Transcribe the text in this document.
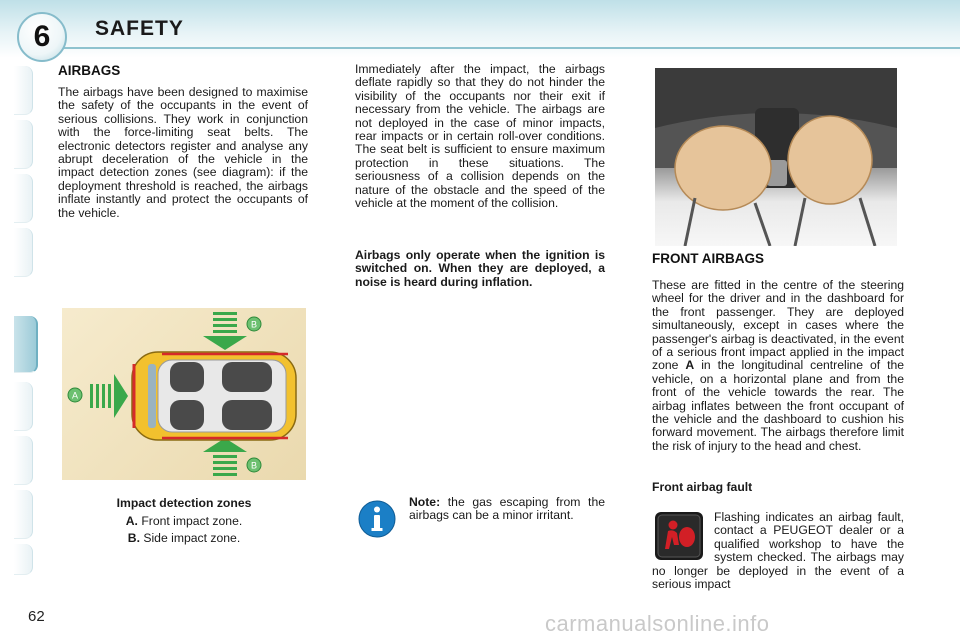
6 SAFETY
AIRBAGS
The airbags have been designed to maximise the safety of the occupants in the event of serious collisions. They work in conjunction with the force-limiting seat belts. The electronic detectors register and analyse any abrupt deceleration of the vehicle in the impact detection zones (see diagram): if the deployment threshold is reached, the airbags inflate instantly and protect the occupants of the vehicle.
B
B
A
Impact detection zones
A. Front impact zone.
B. Side impact zone.
Immediately after the impact, the airbags deflate rapidly so that they do not hinder the visibility of the occupants nor their exit if necessary from the vehicle. The airbags are not deployed in the case of minor impacts, rear impacts or in certain roll-over conditions. The seat belt is sufficient to ensure maximum protection in these situations. The seriousness of a collision depends on the nature of the obstacle and the speed of the vehicle at the moment of the collision.
Airbags only operate when the ignition is switched on. When they are deployed, a noise is heard during inflation.
Note: the gas escaping from the airbags can be a minor irritant.
FRONT AIRBAGS
These are fitted in the centre of the steering wheel for the driver and in the dashboard for the front passenger. They are deployed simultaneously, except in cases where the passenger's airbag is deactivated, in the event of a serious front impact applied in the impact zone A in the longitudinal centreline of the vehicle, on a horizontal plane and from the front of the vehicle towards the rear. The airbag inflates between the front occupant of the vehicle and the dashboard to cushion his forward movement. The airbags therefore limit the risk of injury to the head and chest.
Front airbag fault
Flashing indicates an airbag fault, contact a PEUGEOT dealer or a qualified workshop to have the system checked. The airbags may no longer be deployed in the event of a serious impact
62	carmanualsonline.info
